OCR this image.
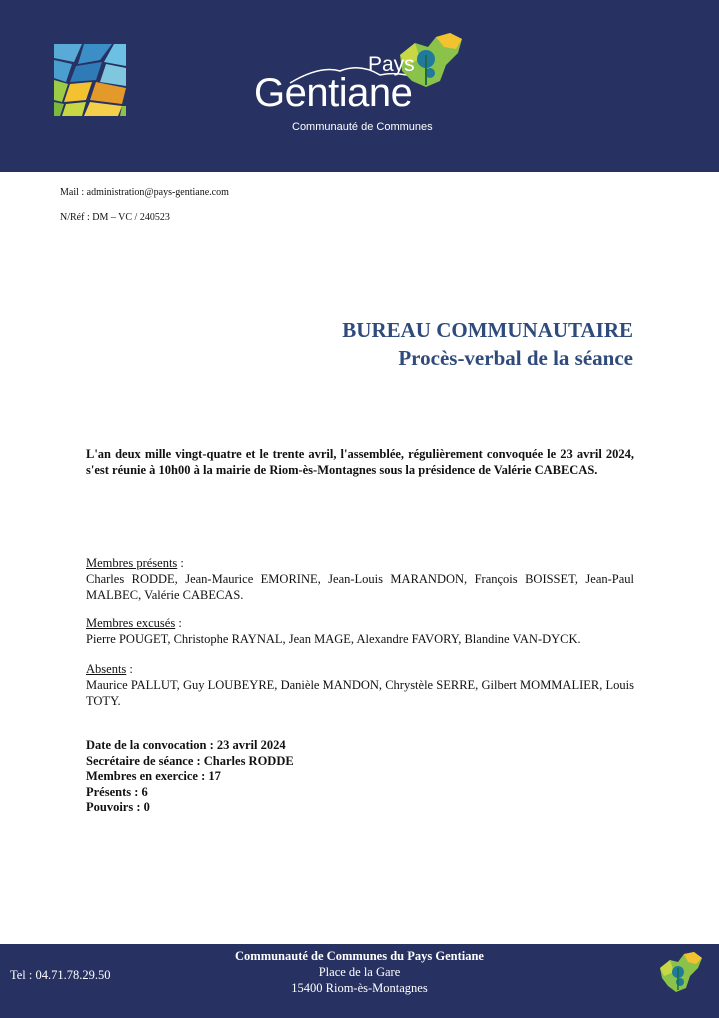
Pays
Gentiane
Communauté de Communes
Mail : administration@pays-gentiane.com
N/Réf : DM – VC / 240523
BUREAU COMMUNAUTAIRE
Procès-verbal de la séance
L'an deux mille vingt-quatre et le trente avril, l'assemblée, régulièrement convoquée le 23 avril 2024, s'est réunie à 10h00 à la mairie de Riom-ès-Montagnes sous la présidence de Valérie CABECAS.
Membres présents :
Charles RODDE, Jean-Maurice EMORINE, Jean-Louis MARANDON, François BOISSET, Jean-Paul MALBEC, Valérie CABECAS.
Membres excusés :
Pierre POUGET, Christophe RAYNAL, Jean MAGE, Alexandre FAVORY, Blandine VAN-DYCK.
Absents :
Maurice PALLUT, Guy LOUBEYRE, Danièle MANDON, Chrystèle SERRE, Gilbert MOMMALIER, Louis TOTY.
Date de la convocation : 23 avril 2024
Secrétaire de séance : Charles RODDE
Membres en exercice : 17
Présents : 6
Pouvoirs : 0
Tel : 04.71.78.29.50
Communauté de Communes du Pays Gentiane
Place de la Gare
15400 Riom-ès-Montagnes
